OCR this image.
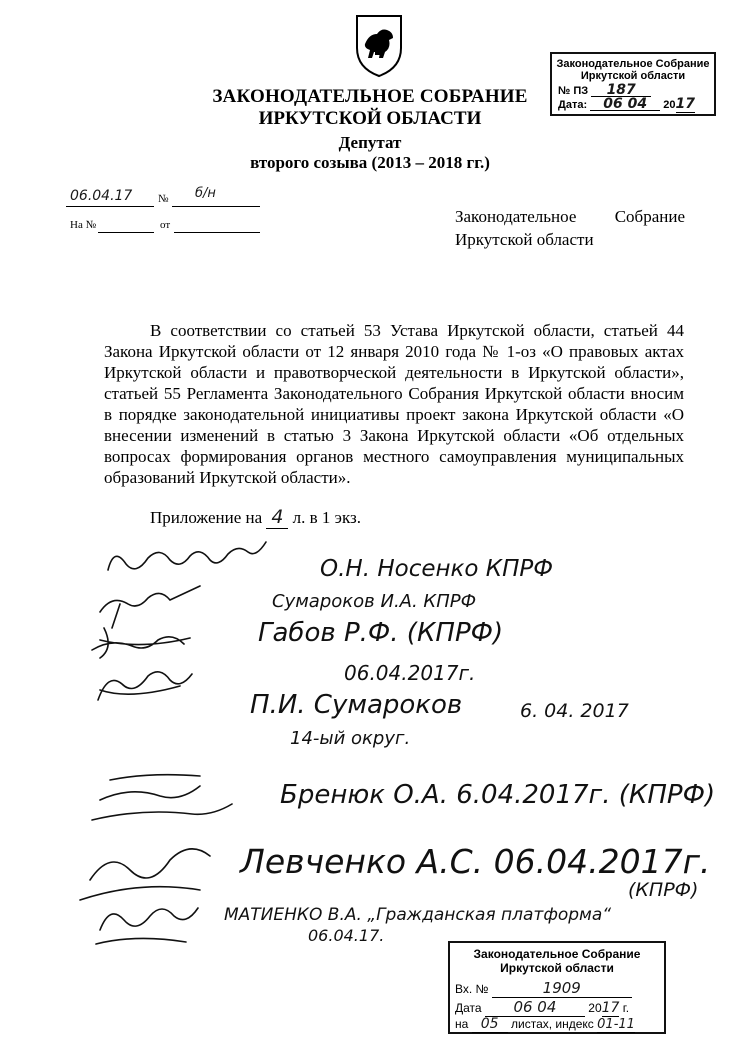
ЗАКОНОДАТЕЛЬНОЕ СОБРАНИЕ
ИРКУТСКОЙ ОБЛАСТИ
Депутат
второго созыва (2013 – 2018 гг.)
Законодательное Собрание
Иркутской области
№ ПЗ 187
Дата: 06 04 2017
06.04.17 № б/н
На №	от	Законодательное Собрание
Иркутской области
В соответствии со статьей 53 Устава Иркутской области, статьей 44 Закона Иркутской области от 12 января 2010 года № 1-оз «О правовых актах Иркутской области и правотворческой деятельности в Иркутской области», статьей 55 Регламента Законодательного Собрания Иркутской области вносим в порядке законодательной инициативы проект закона Иркутской области «О внесении изменений в статью 3 Закона Иркутской области «Об отдельных вопросах формирования органов местного самоуправления муниципальных образований Иркутской области».
Приложение на 4 л. в 1 экз.
О.Н. Носенко КПРФ
Сумароков И.А. КПРФ
Габов Р.Ф. (КПРФ)
06.04.2017г.
П.И. Сумароков	6. 04. 2017
14-ый округ.
Бренюк О.А. 6.04.2017г. (КПРФ)
Левченко А.С. 06.04.2017г.
(КПРФ)
МАТИЕНКО В.А. „Гражданская платформа“
06.04.17.
Законодательное Собрание
Иркутской области
Вх. №	1909
Дата 06 04	2017 г.
на 05 листах, индекс 01-11
